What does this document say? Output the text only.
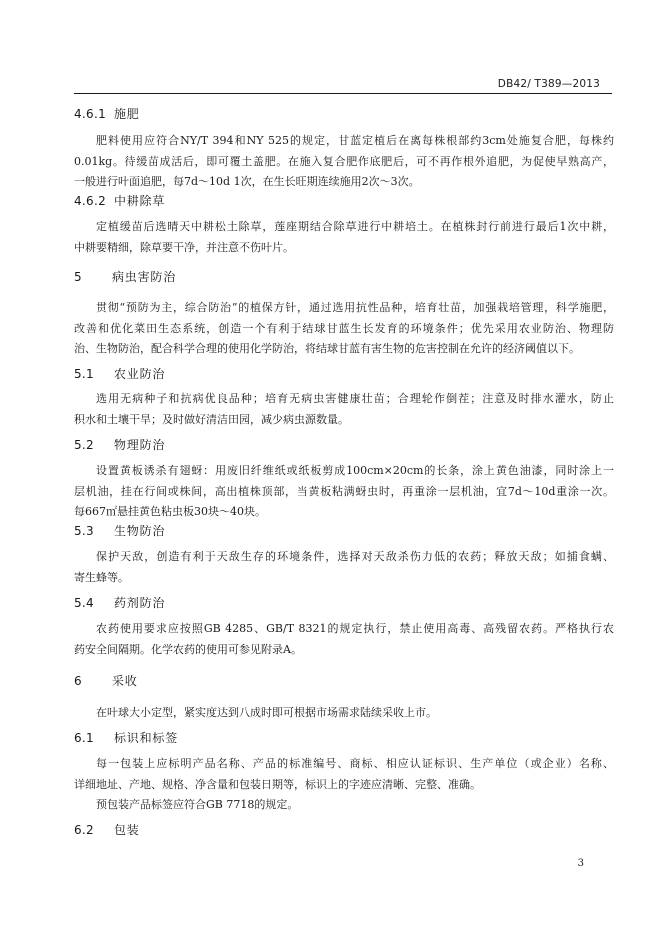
DB42/ T389—2013
4.6.1 施肥
肥料使用应符合NY/T 394和NY 525的规定，甘蓝定植后在离每株根部约3cm处施复合肥，每株约
0.01kg。待缓苗成活后，即可覆土盖肥。在施入复合肥作底肥后，可不再作根外追肥，为促使早熟高产，
一般进行叶面追肥，每7d～10d 1次，在生长旺期连续施用2次～3次。
4.6.2 中耕除草
定植缓苗后选晴天中耕松土除草，莲座期结合除草进行中耕培土。在植株封行前进行最后1次中耕，
中耕要精细，除草要干净，并注意不伤叶片。
5	病虫害防治
贯彻“预防为主，综合防治”的植保方针，通过选用抗性品种，培育壮苗，加强栽培管理，科学施肥，
改善和优化菜田生态系统，创造一个有利于结球甘蓝生长发育的环境条件；优先采用农业防治、物理防
治、生物防治，配合科学合理的使用化学防治，将结球甘蓝有害生物的危害控制在允许的经济阈值以下。
5.1 农业防治
选用无病种子和抗病优良品种；培育无病虫害健康壮苗；合理轮作倒茬；注意及时排水灌水，防止
积水和土壤干旱；及时做好清洁田园，减少病虫源数量。
5.2 物理防治
设置黄板诱杀有翅蚜：用废旧纤维纸或纸板剪成100cm×20cm的长条，涂上黄色油漆，同时涂上一
层机油，挂在行间或株间，高出植株顶部，当黄板粘满蚜虫时，再重涂一层机油，宜7d～10d重涂一次。
每667㎡悬挂黄色粘虫板30块～40块。
5.3 生物防治
保护天敌，创造有利于天敌生存的环境条件，选择对天敌杀伤力低的农药；释放天敌；如捕食螨、
寄生蜂等。
5.4 药剂防治
农药使用要求应按照GB 4285、GB/T 8321的规定执行，禁止使用高毒、高残留农药。严格执行农
药安全间隔期。化学农药的使用可参见附录A。
6	采收
在叶球大小定型，紧实度达到八成时即可根据市场需求陆续采收上市。
6.1 标识和标签
每一包装上应标明产品名称、产品的标准编号、商标、相应认证标识、生产单位（或企业）名称、
详细地址、产地、规格、净含量和包装日期等，标识上的字迹应清晰、完整、准确。
预包装产品标签应符合GB 7718的规定。
6.2 包装
3
